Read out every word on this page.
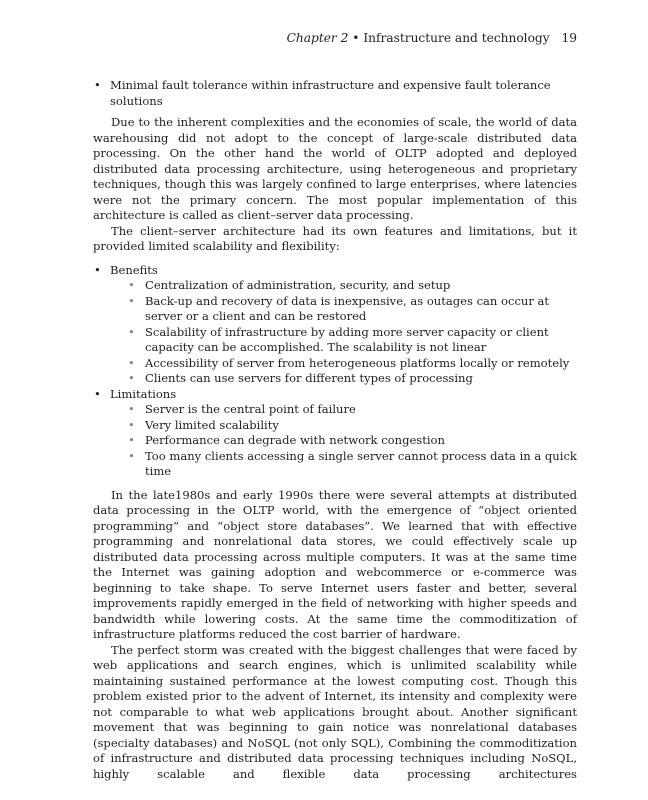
Chapter 2 • Infrastructure and technology 19
• Minimal fault tolerance within infrastructure and expensive fault tolerance solutions

Due to the inherent complexities and the economies of scale, the world of data warehousing did not adopt to the concept of large-scale distributed data processing. On the other hand the world of OLTP adopted and deployed distributed data processing architecture, using heterogeneous and proprietary techniques, though this was largely confined to large enterprises, where latencies were not the primary concern. The most popular implementation of this architecture is called as client–server data processing.

The client–server architecture had its own features and limitations, but it provided limited scalability and flexibility:

• Benefits
• Centralization of administration, security, and setup
• Back-up and recovery of data is inexpensive, as outages can occur at server or a client and can be restored
• Scalability of infrastructure by adding more server capacity or client capacity can be accomplished. The scalability is not linear
• Accessibility of server from heterogeneous platforms locally or remotely
• Clients can use servers for different types of processing
• Limitations
• Server is the central point of failure
• Very limited scalability
• Performance can degrade with network congestion
• Too many clients accessing a single server cannot process data in a quick time

In the late1980s and early 1990s there were several attempts at distributed data processing in the OLTP world, with the emergence of “object oriented programming” and “object store databases”. We learned that with effective programming and nonrelational data stores, we could effectively scale up distributed data processing across multiple computers. It was at the same time the Internet was gaining adoption and webcommerce or e-commerce was beginning to take shape. To serve Internet users faster and better, several improvements rapidly emerged in the field of networking with higher speeds and bandwidth while lowering costs. At the same time the commoditization of infrastructure platforms reduced the cost barrier of hardware.

The perfect storm was created with the biggest challenges that were faced by web applications and search engines, which is unlimited scalability while maintaining sustained performance at the lowest computing cost. Though this problem existed prior to the advent of Internet, its intensity and complexity were not comparable to what web applications brought about. Another significant movement that was beginning to gain notice was nonrelational databases (specialty databases) and NoSQL (not only SQL), Combining the commoditization of infrastructure and distributed data processing techniques including NoSQL, highly scalable and flexible data processing architectures
